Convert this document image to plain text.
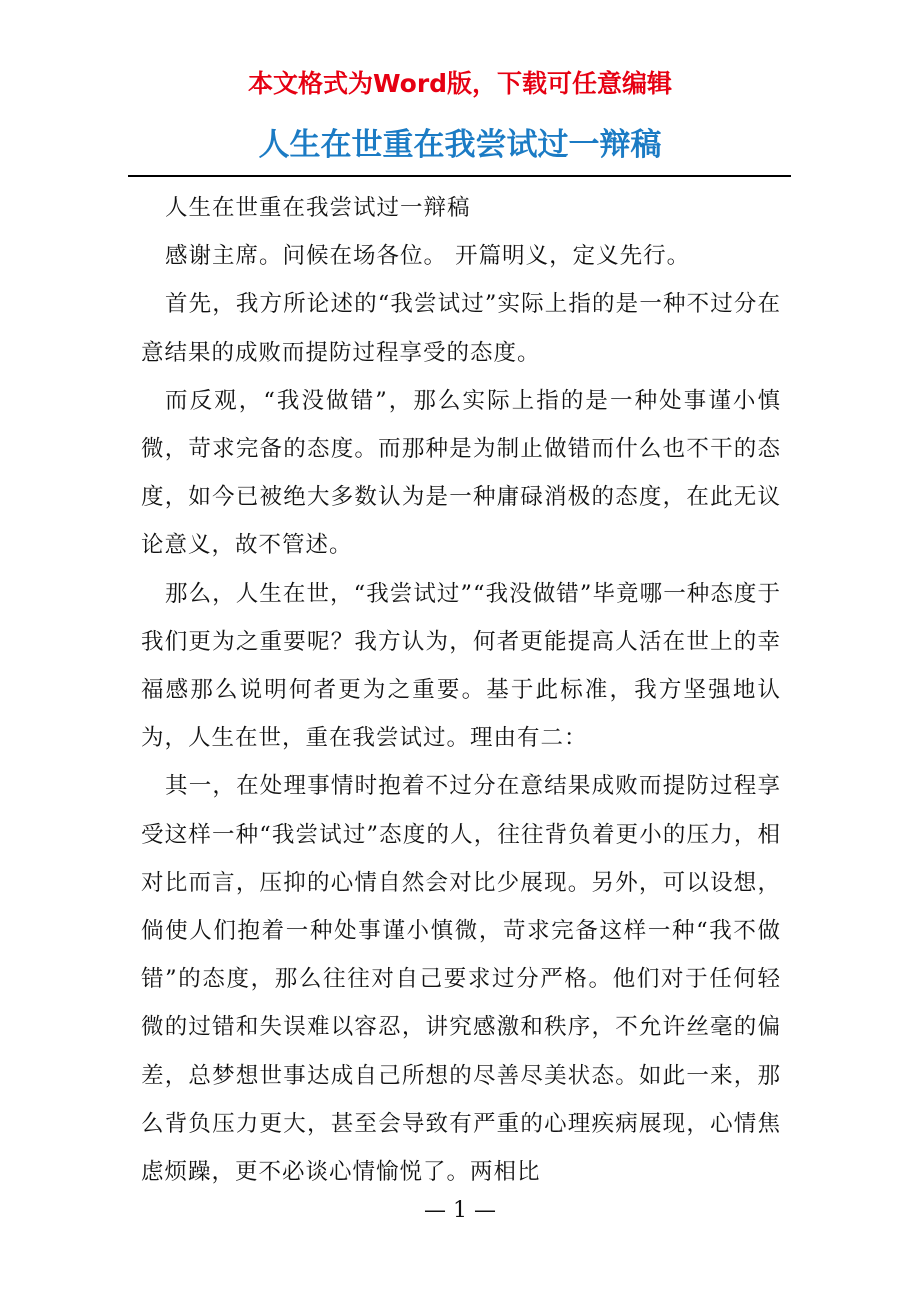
本文格式为Word版，下载可任意编辑
人生在世重在我尝试过一辩稿

人生在世重在我尝试过一辩稿

感谢主席。问候在场各位。 开篇明义，定义先行。

首先，我方所论述的“我尝试过”实际上指的是一种不过分在意结果的成败而提防过程享受的态度。

而反观，“我没做错”，那么实际上指的是一种处事谨小慎微，苛求完备的态度。而那种是为制止做错而什么也不干的态度，如今已被绝大多数认为是一种庸碌消极的态度，在此无议论意义，故不管述。

那么，人生在世，“我尝试过”“我没做错”毕竟哪一种态度于我们更为之重要呢？我方认为，何者更能提高人活在世上的幸福感那么说明何者更为之重要。基于此标准，我方坚强地认为，人生在世，重在我尝试过。理由有二：

其一，在处理事情时抱着不过分在意结果成败而提防过程享受这样一种“我尝试过”态度的人，往往背负着更小的压力，相对比而言，压抑的心情自然会对比少展现。另外，可以设想，倘使人们抱着一种处事谨小慎微，苛求完备这样一种“我不做错”的态度，那么往往对自己要求过分严格。他们对于任何轻微的过错和失误难以容忍，讲究感激和秩序，不允许丝毫的偏差，总梦想世事达成自己所想的尽善尽美状态。如此一来，那么背负压力更大，甚至会导致有严重的心理疾病展现，心情焦虑烦躁，更不必谈心情愉悦了。两相比

— 1 —
